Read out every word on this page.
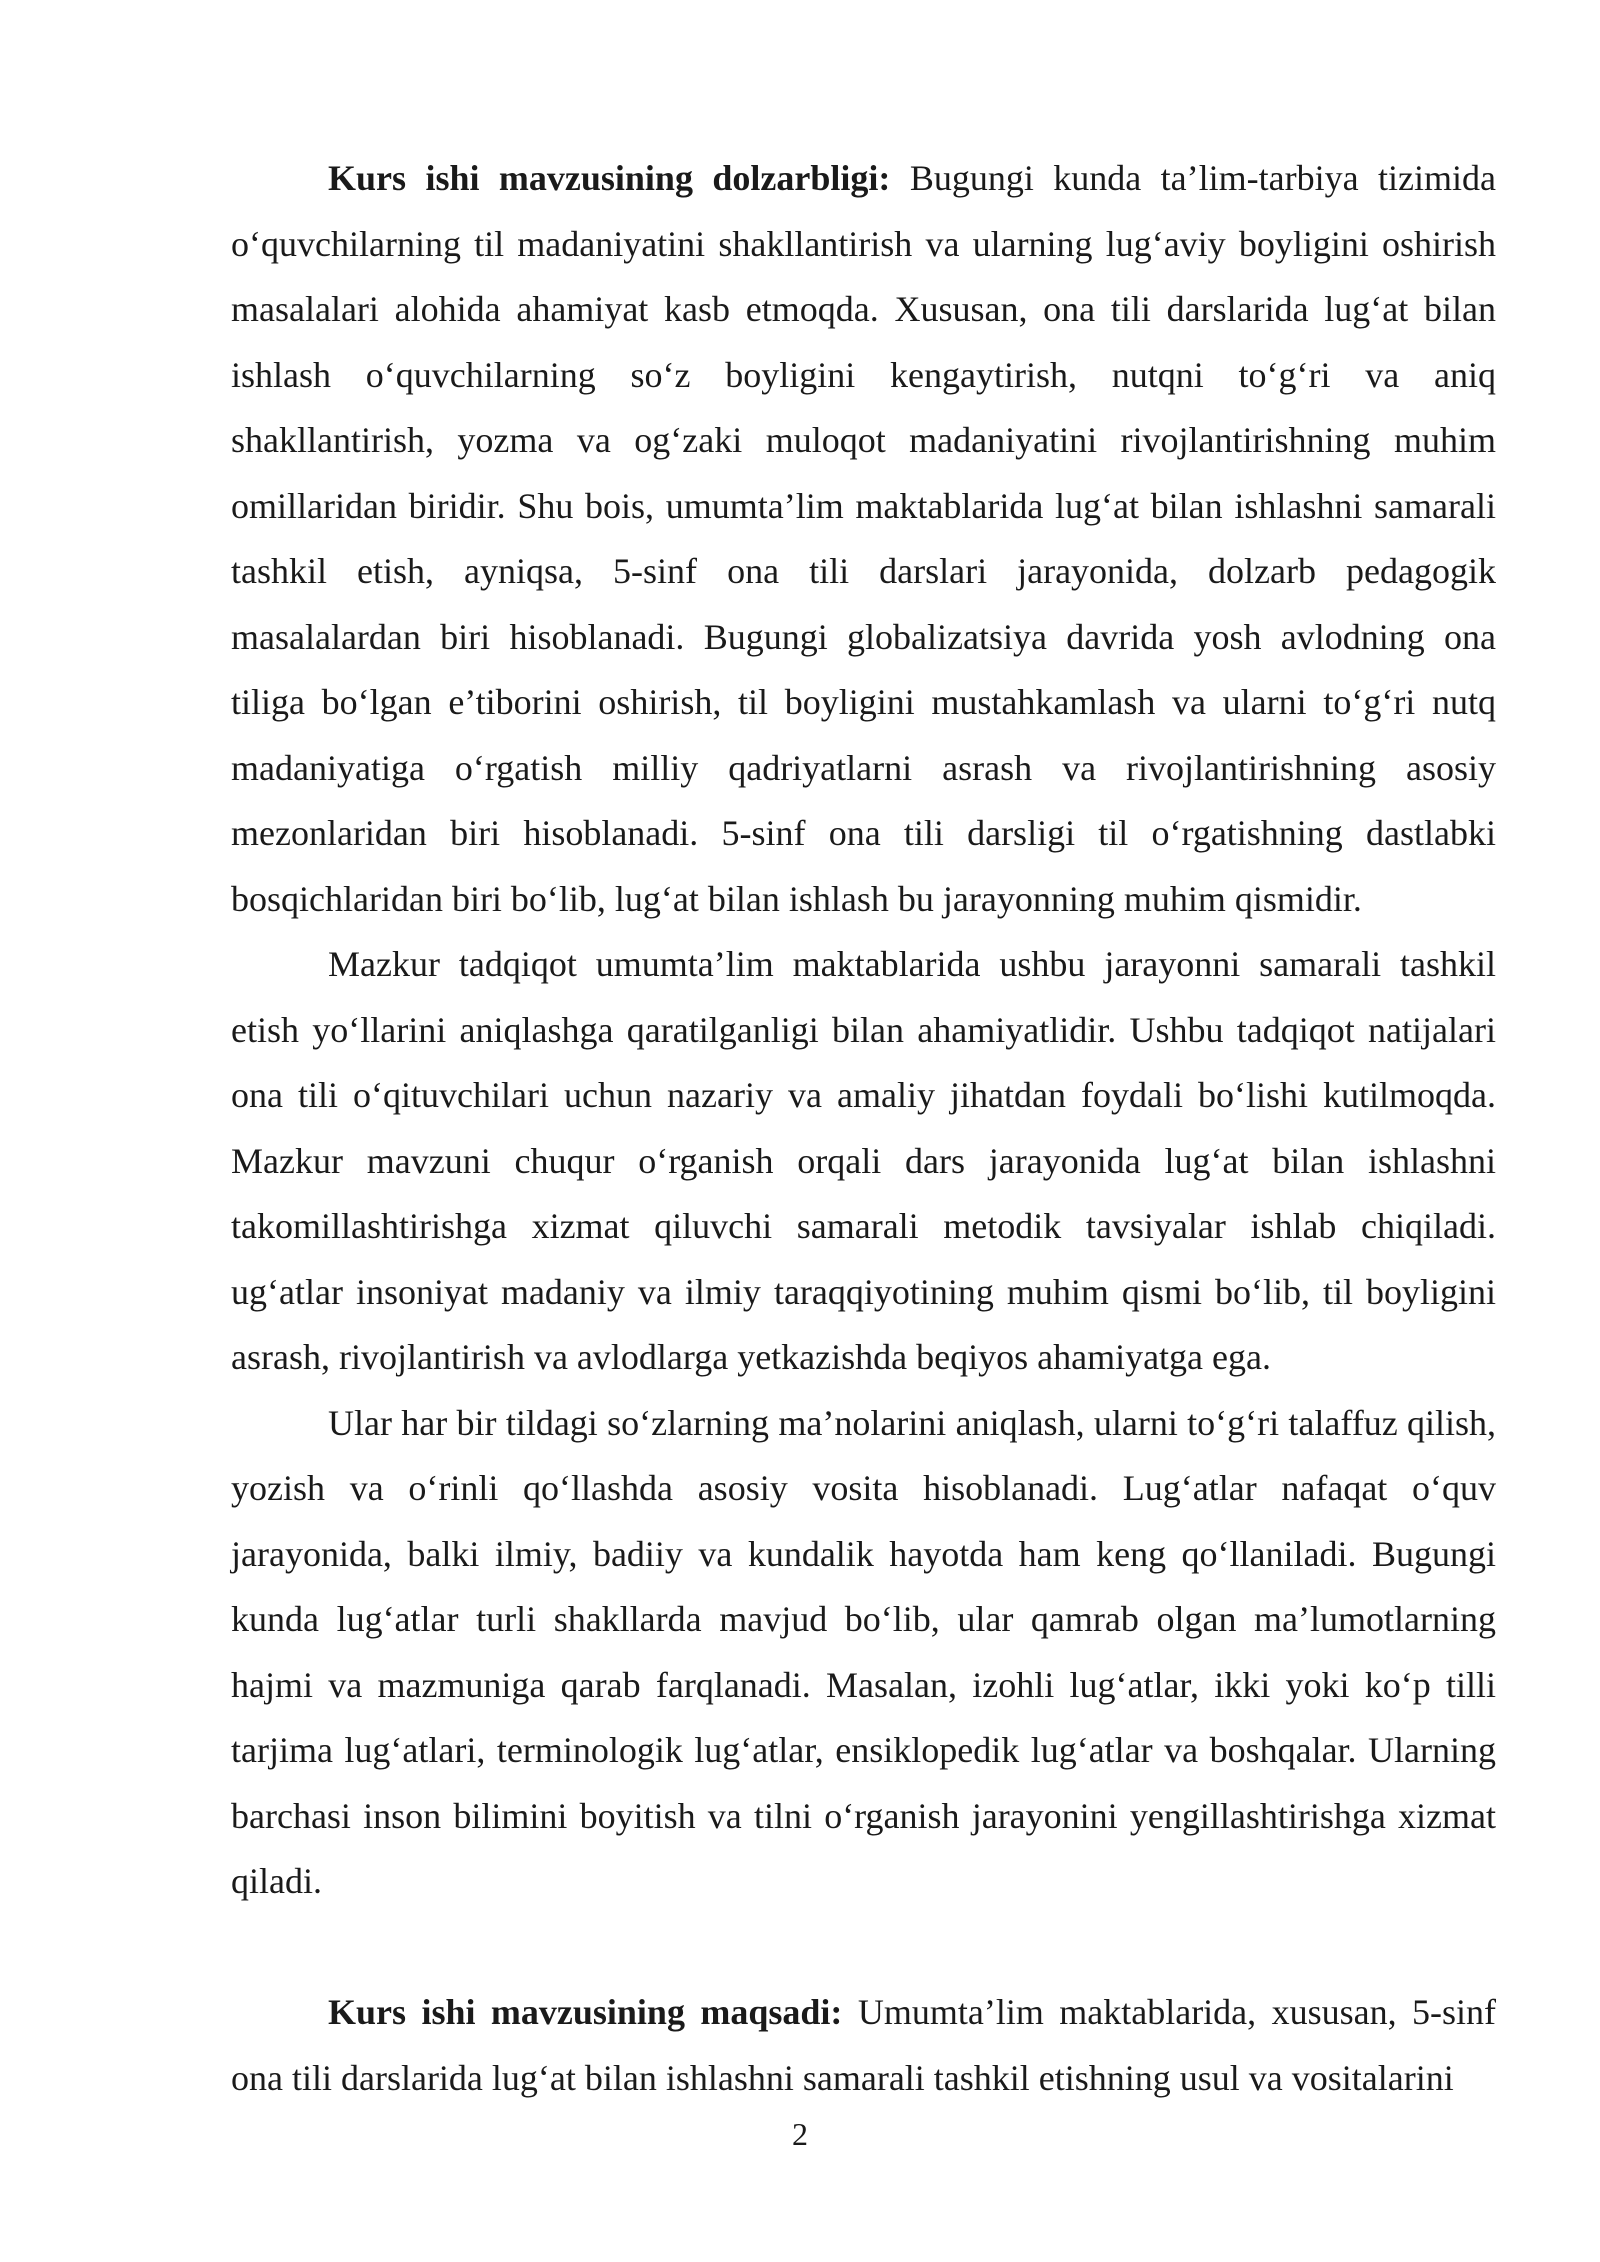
Kurs ishi mavzusining dolzarbligi: Bugungi kunda ta’lim-tarbiya tizimida o‘quvchilarning til madaniyatini shakllantirish va ularning lug‘aviy boyligini oshirish masalalari alohida ahamiyat kasb etmoqda. Xususan, ona tili darslarida lug‘at bilan ishlash o‘quvchilarning so‘z boyligini kengaytirish, nutqni to‘g‘ri va aniq shakllantirish, yozma va og‘zaki muloqot madaniyatini rivojlantirishning muhim omillaridan biridir. Shu bois, umumta’lim maktablarida lug‘at bilan ishlashni samarali tashkil etish, ayniqsa, 5-sinf ona tili darslari jarayonida, dolzarb pedagogik masalalardan biri hisoblanadi. Bugungi globalizatsiya davrida yosh avlodning ona tiliga bo‘lgan e’tiborini oshirish, til boyligini mustahkamlash va ularni to‘g‘ri nutq madaniyatiga o‘rgatish milliy qadriyatlarni asrash va rivojlantirishning asosiy mezonlaridan biri hisoblanadi. 5-sinf ona tili darsligi til o‘rgatishning dastlabki bosqichlaridan biri bo‘lib, lug‘at bilan ishlash bu jarayonning muhim qismidir.

Mazkur tadqiqot umumta’lim maktablarida ushbu jarayonni samarali tashkil etish yo‘llarini aniqlashga qaratilganligi bilan ahamiyatlidir. Ushbu tadqiqot natijalari ona tili o‘qituvchilari uchun nazariy va amaliy jihatdan foydali bo‘lishi kutilmoqda. Mazkur mavzuni chuqur o‘rganish orqali dars jarayonida lug‘at bilan ishlashni takomillashtirishga xizmat qiluvchi samarali metodik tavsiyalar ishlab chiqiladi. ug‘atlar insoniyat madaniy va ilmiy taraqqiyotining muhim qismi bo‘lib, til boyligini asrash, rivojlantirish va avlodlarga yetkazishda beqiyos ahamiyatga ega.

Ular har bir tildagi so‘zlarning ma’nolarini aniqlash, ularni to‘g‘ri talaffuz qilish, yozish va o‘rinli qo‘llashda asosiy vosita hisoblanadi. Lug‘atlar nafaqat o‘quv jarayonida, balki ilmiy, badiiy va kundalik hayotda ham keng qo‘llaniladi. Bugungi kunda lug‘atlar turli shakllarda mavjud bo‘lib, ular qamrab olgan ma’lumotlarning hajmi va mazmuniga qarab farqlanadi. Masalan, izohli lug‘atlar, ikki yoki ko‘p tilli tarjima lug‘atlari, terminologik lug‘atlar, ensiklopedik lug‘atlar va boshqalar. Ularning barchasi inson bilimini boyitish va tilni o‘rganish jarayonini yengillashtirishga xizmat qiladi.

Kurs ishi mavzusining maqsadi: Umumta’lim maktablarida, xususan, 5-sinf ona tili darslarida lug‘at bilan ishlashni samarali tashkil etishning usul va vositalarini

2
